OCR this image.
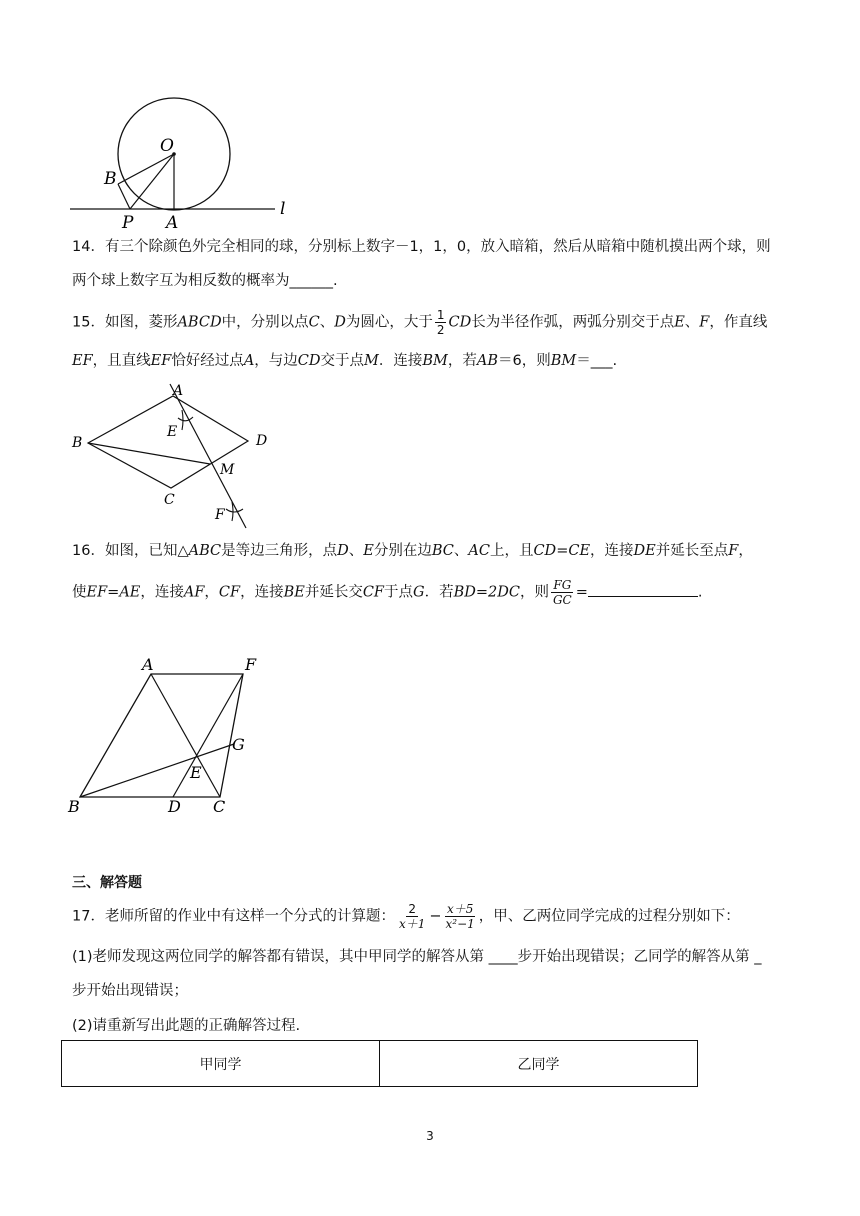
O
B
P A
l
14．有三个除颜色外完全相同的球，分别标上数字－1，1，0，放入暗箱，然后从暗箱中随机摸出两个球，则
两个球上数字互为相反数的概率为______.
15．如图，菱形ABCD中，分别以点C、D为圆心，大于 $\frac{1}{2}$ CD长为半径作弧，两弧分别交于点E、F，作直线
EF，且直线EF恰好经过点A，与边CD交于点M．连接BM，若AB＝6，则BM＝___.
A
E
B	D
M
C
F
16．如图，已知△ABC是等边三角形，点D、E分别在边BC、AC上，且CD=CE，连接DE并延长至点F，
使EF=AE，连接AF，CF，连接BE并延长交CF于点G．若BD=2DC，则 $\frac{FG}{GC}$ =	.
A	F
G
E
B	D C
三、解答题
17．老师所留的作业中有这样一个分式的计算题： $\frac{2}{x+1} - \frac{x+5}{\text{x²−1}}$ ，甲、乙两位同学完成的过程分别如下：
(1)老师发现这两位同学的解答都有错误，其中甲同学的解答从第 ____步开始出现错误；乙同学的解答从第 _
步开始出现错误；
(2)请重新写出此题的正确解答过程.
甲同学	乙同学
3
